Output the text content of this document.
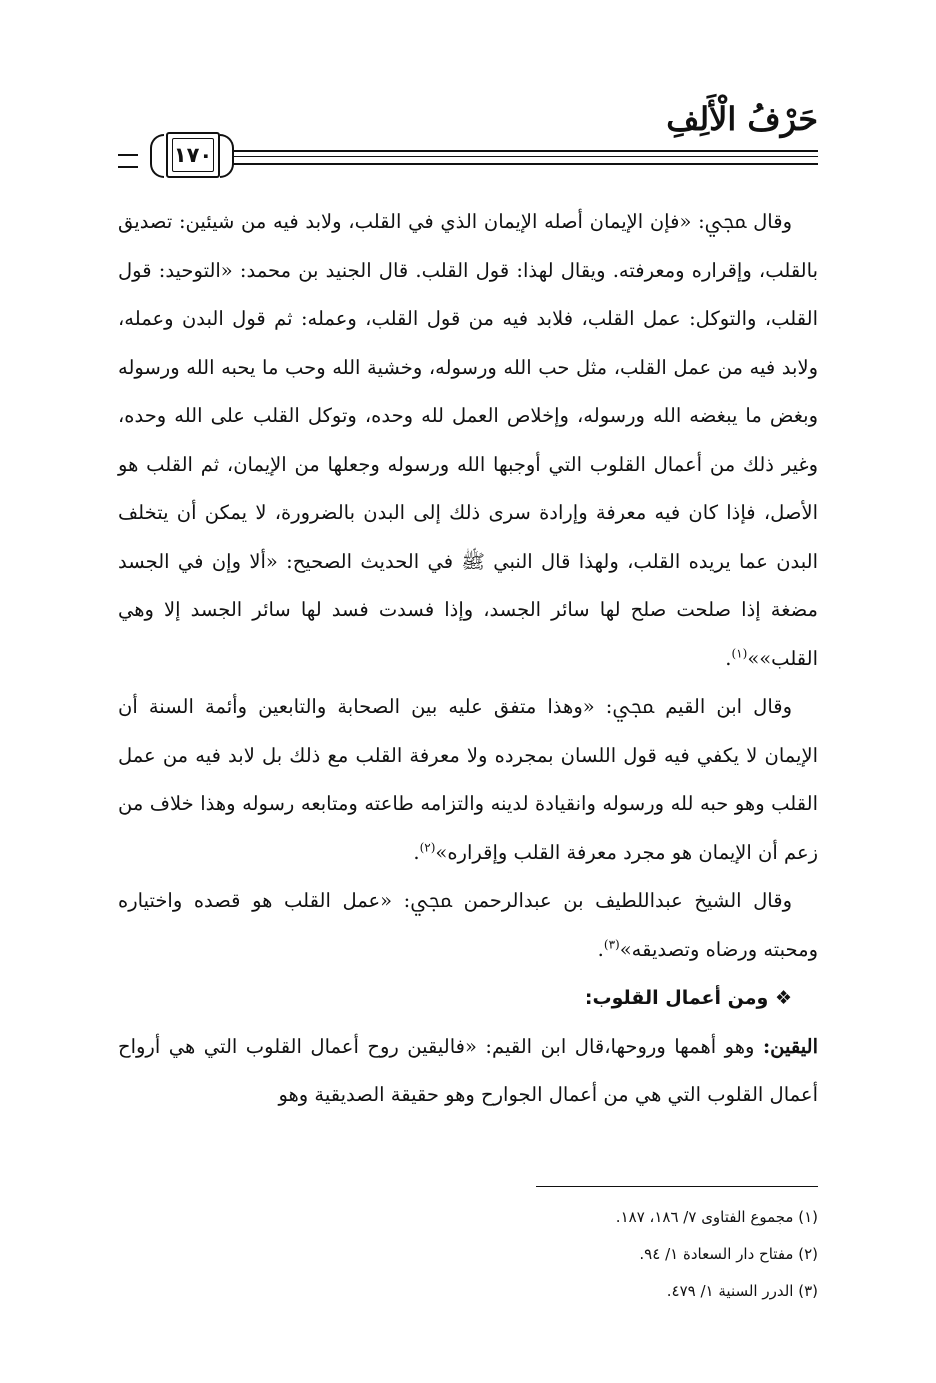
حَرْفُ الْأَلِفِ
١٧٠

وقال ﷀ: «فإن الإيمان أصله الإيمان الذي في القلب، ولابد فيه من شيئين: تصديق بالقلب، وإقراره ومعرفته. ويقال لهذا: قول القلب. قال الجنيد بن محمد: «التوحيد: قول القلب، والتوكل: عمل القلب، فلابد فيه من قول القلب، وعمله: ثم قول البدن وعمله، ولابد فيه من عمل القلب، مثل حب الله ورسوله، وخشية الله وحب ما يحبه الله ورسوله وبغض ما يبغضه الله ورسوله، وإخلاص العمل لله وحده، وتوكل القلب على الله وحده، وغير ذلك من أعمال القلوب التي أوجبها الله ورسوله وجعلها من الإيمان، ثم القلب هو الأصل، فإذا كان فيه معرفة وإرادة سرى ذلك إلى البدن بالضرورة، لا يمكن أن يتخلف البدن عما يريده القلب، ولهذا قال النبي ﷺ في الحديث الصحيح: «ألا وإن في الجسد مضغة إذا صلحت صلح لها سائر الجسد، وإذا فسدت فسد لها سائر الجسد إلا وهي القلب»»$^{(١)}$.

وقال ابن القيم ﷀ: «وهذا متفق عليه بين الصحابة والتابعين وأئمة السنة أن الإيمان لا يكفي فيه قول اللسان بمجرده ولا معرفة القلب مع ذلك بل لابد فيه من عمل القلب وهو حبه لله ورسوله وانقيادة لدينه والتزامه طاعته ومتابعه رسوله وهذا خلاف من زعم أن الإيمان هو مجرد معرفة القلب وإقراره»$^{(٢)}$.

وقال الشيخ عبداللطيف بن عبدالرحمن ﷀ: «عمل القلب هو قصده واختياره ومحبته ورضاه وتصديقه»$^{(٣)}$.

❖ ومن أعمال القلوب:

اليقين: وهو أهمها وروحها،قال ابن القيم: «فاليقين روح أعمال القلوب التي هي أرواح أعمال القلوب التي هي من أعمال الجوارح وهو حقيقة الصديقية وهو

(١) مجموع الفتاوى ٧/ ١٨٦، ١٨٧.
(٢) مفتاح دار السعادة ١/ ٩٤.
(٣) الدرر السنية ١/ ٤٧٩.
